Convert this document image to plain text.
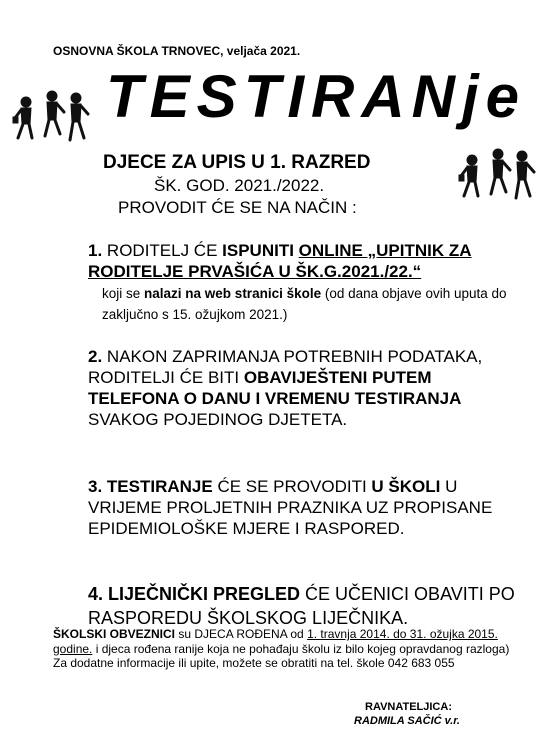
OSNOVNA ŠKOLA TRNOVEC, veljača 2021.
TESTIRANje
DJECE ZA UPIS U 1. RAZRED
ŠK. GOD. 2021./2022.
PROVODIT ĆE SE NA NAČIN :
1. RODITELJ ĆE ISPUNITI ONLINE „UPITNIK ZA RODITELJE PRVAŠIĆA U ŠK.G.2021./22.“
koji se nalazi na web stranici škole (od dana objave ovih uputa do zaključno s 15. ožujkom 2021.)
2. NAKON ZAPRIMANJA POTREBNIH PODATAKA, RODITELJI ĆE BITI OBAVIJEŠTENI PUTEM TELEFONA O DANU I VREMENU TESTIRANJA SVAKOG POJEDINOG DJETETA.
3. TESTIRANJE ĆE SE PROVODITI U ŠKOLI U VRIJEME PROLJETNIH PRAZNIKA UZ PROPISANE EPIDEMIOLOŠKE MJERE I RASPORED.
4. LIJEČNIČKI PREGLED ĆE UČENICI OBAVITI PO RASPOREDU ŠKOLSKOG LIJEČNIKA.
ŠKOLSKI OBVEZNICI su DJECA ROĐENA od 1. travnja 2014. do 31. ožujka 2015. godine. i djeca rođena ranije koja ne pohađaju školu iz bilo kojeg opravdanog razloga)
Za dodatne informacije ili upite, možete se obratiti na tel. škole 042 683 055
RAVNATELJICA:
RADMILA SAČIĆ v.r.
